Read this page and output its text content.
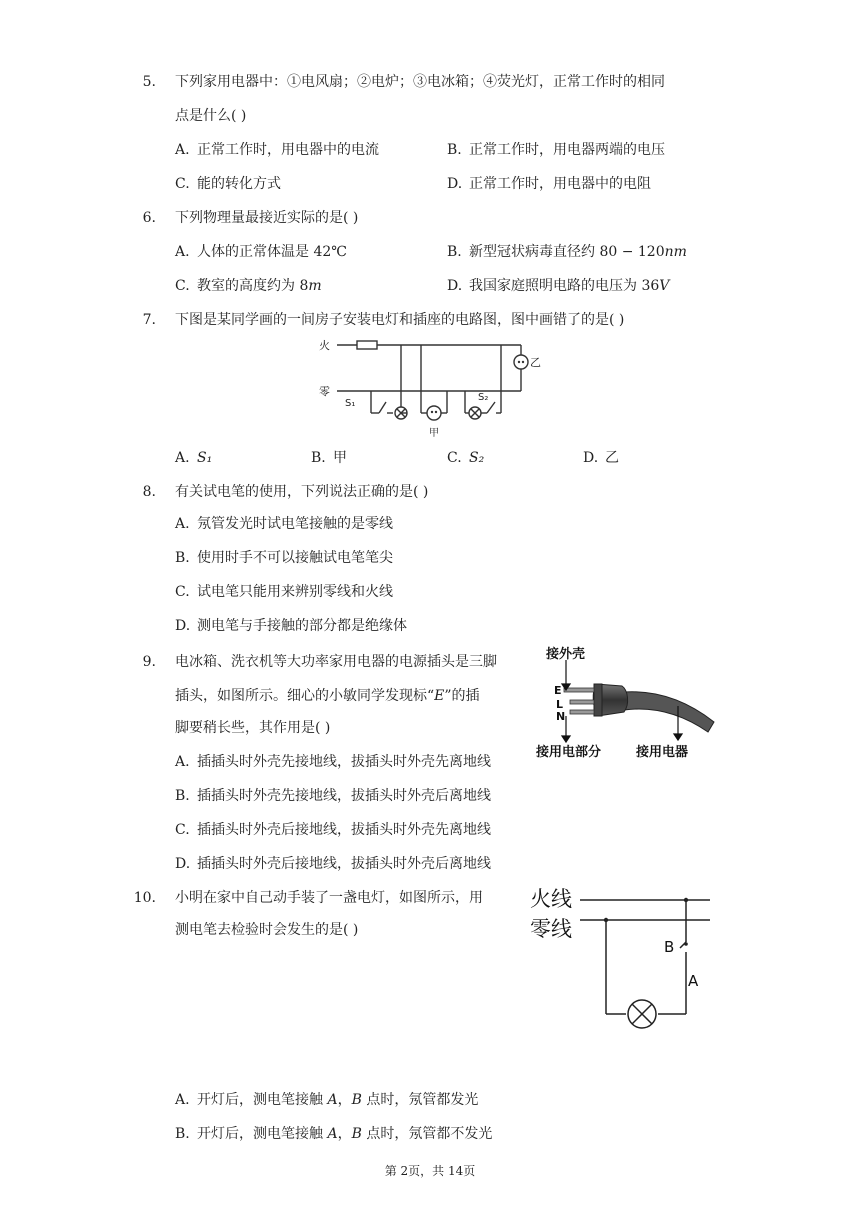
5. 下列家用电器中：①电风扇；②电炉；③电冰箱；④荧光灯，正常工作时的相同
点是什么( )
A. 正常工作时，用电器中的电流	B. 正常工作时，用电器两端的电压
C. 能的转化方式	D. 正常工作时，用电器中的电阻
6. 下列物理量最接近实际的是( )
A. 人体的正常体温是 42℃	B. 新型冠状病毒直径约 80 − 120nm
C. 教室的高度约为 8m	D. 我国家庭照明电路的电压为 36V
7. 下图是某同学画的一间房子安装电灯和插座的电路图，图中画错了的是( )
火
零
S₁
S₂
甲
乙
A. S₁	B. 甲	C. S₂	D. 乙
8. 有关试电笔的使用，下列说法正确的是( )
A. 氖管发光时试电笔接触的是零线
B. 使用时手不可以接触试电笔笔尖
C. 试电笔只能用来辨别零线和火线
D. 测电笔与手接触的部分都是绝缘体
9. 电冰箱、洗衣机等大功率家用电器的电源插头是三脚
插头，如图所示。细心的小敏同学发现标“E”的插
脚要稍长些，其作用是( )
接外壳
E
L
N
接用电部分	接用电器
A. 插插头时外壳先接地线，拔插头时外壳先离地线
B. 插插头时外壳先接地线，拔插头时外壳后离地线
C. 插插头时外壳后接地线，拔插头时外壳先离地线
D. 插插头时外壳后接地线，拔插头时外壳后离地线
10. 小明在家中自己动手装了一盏电灯，如图所示，用
测电笔去检验时会发生的是( )
火线
零线
B
A
A. 开灯后，测电笔接触 A，B 点时，氖管都发光
B. 开灯后，测电笔接触 A，B 点时，氖管都不发光
第 2页，共 14页
